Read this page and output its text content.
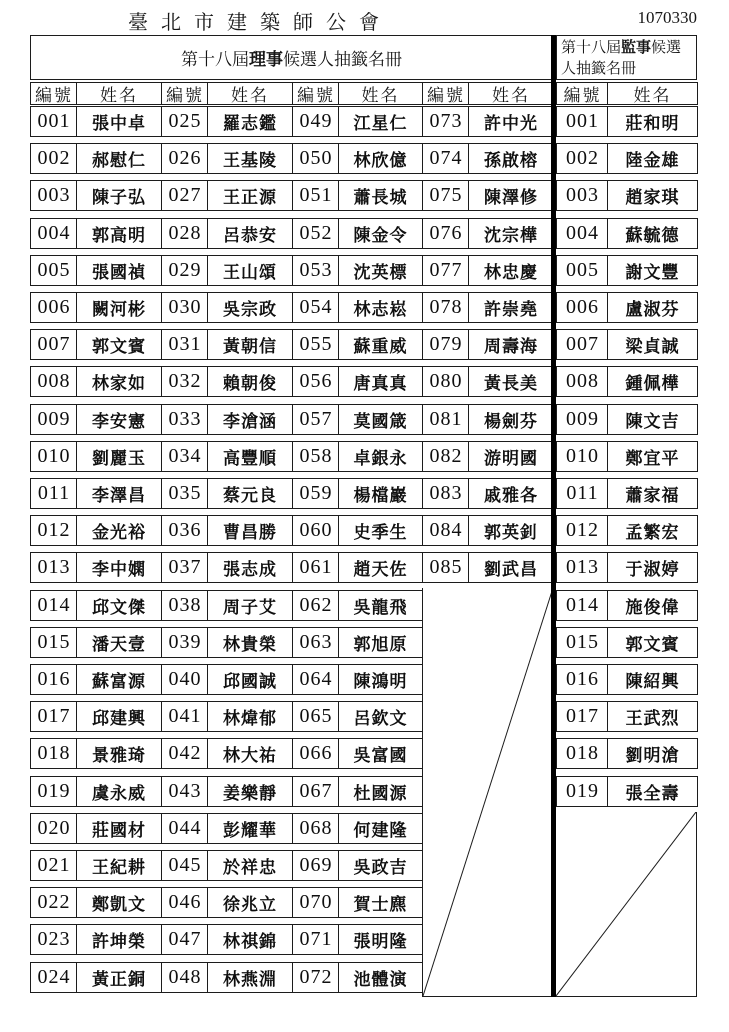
臺北市建築師公會	1070330
第十八屆 理事 候選人抽籤名冊
第十八屆監事候選人抽籤名冊
編號	姓名
001	張中卓
002	郝慰仁
003	陳子弘
004	郭高明
005	張國禎
006	闕河彬
007	郭文賓
008	林家如
009	李安憲
010	劉麗玉
011	李澤昌
012	金光裕
013	李中嫻
014	邱文傑
015	潘天壹
016	蘇富源
017	邱建興
018	景雅琦
019	虞永威
020	莊國材
021	王紀耕
022	鄭凱文
023	許坤榮
024	黃正銅
編號	姓名
025	羅志鑑
026	王基陵
027	王正源
028	呂恭安
029	王山頌
030	吳宗政
031	黃朝信
032	賴朝俊
033	李滄涵
034	高豐順
035	蔡元良
036	曹昌勝
037	張志成
038	周子艾
039	林貴榮
040	邱國誠
041	林煒郁
042	林大祐
043	姜樂靜
044	彭耀華
045	於祥忠
046	徐兆立
047	林祺錦
048	林燕淵
編號	姓名
049	江星仁
050	林欣億
051	蕭長城
052	陳金令
053	沈英標
054	林志崧
055	蘇重威
056	唐真真
057	莫國箴
058	卓銀永
059	楊檔巖
060	史季生
061	趙天佐
062	吳龍飛
063	郭旭原
064	陳鴻明
065	呂欽文
066	吳富國
067	杜國源
068	何建隆
069	吳政吉
070	賀士麃
071	張明隆
072	池體演
編號	姓名
073	許中光
074	孫啟榕
075	陳澤修
076	沈宗樺
077	林忠慶
078	許崇堯
079	周壽海
080	黃長美
081	楊劍芬
082	游明國
083	戚雅各
084	郭英釗
085	劉武昌
編號	姓名
001	莊和明
002	陸金雄
003	趙家琪
004	蘇毓德
005	謝文豐
006	盧淑芬
007	梁貞誠
008	鍾佩樺
009	陳文吉
010	鄭宜平
011	蕭家福
012	孟繁宏
013	于淑婷
014	施俊偉
015	郭文賓
016	陳紹興
017	王武烈
018	劉明滄
019	張全壽
